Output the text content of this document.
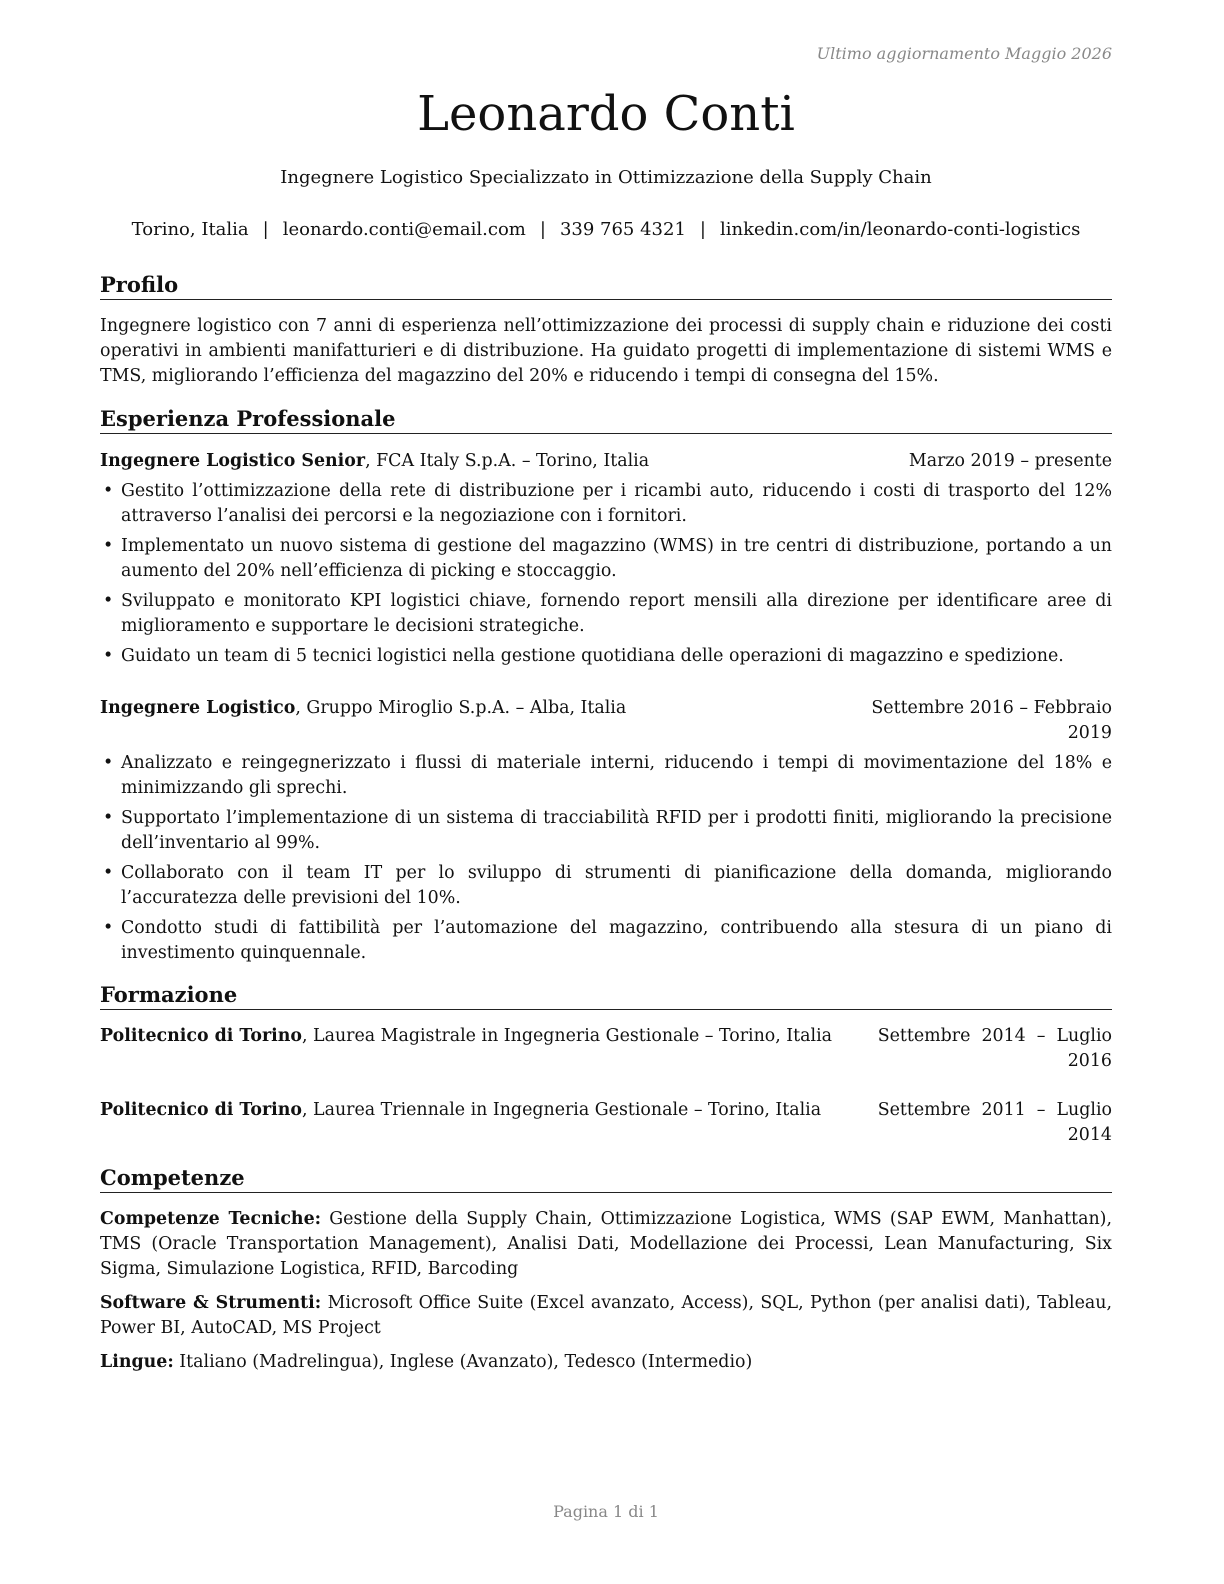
Ultimo aggiornamento Maggio 2026
Leonardo Conti
Ingegnere Logistico Specializzato in Ottimizzazione della Supply Chain
Torino, Italia | leonardo.conti@email.com | 339 765 4321 | linkedin.com/in/leonardo-conti-logistics
Profilo
Ingegnere logistico con 7 anni di esperienza nell’ottimizzazione dei processi di supply chain e riduzione dei costi operativi in ambienti manifatturieri e di distribuzione. Ha guidato progetti di implementazione di sistemi WMS e TMS, migliorando l’efficienza del magazzino del 20% e riducendo i tempi di consegna del 15%.
Esperienza Professionale
Ingegnere Logistico Senior, FCA Italy S.p.A. – Torino, Italia	Marzo 2019 – presente
• Gestito l’ottimizzazione della rete di distribuzione per i ricambi auto, riducendo i costi di trasporto del 12% attraverso l’analisi dei percorsi e la negoziazione con i fornitori.
• Implementato un nuovo sistema di gestione del magazzino (WMS) in tre centri di distribuzione, portando a un aumento del 20% nell’efficienza di picking e stoccaggio.
• Sviluppato e monitorato KPI logistici chiave, fornendo report mensili alla direzione per identificare aree di miglioramento e supportare le decisioni strategiche.
• Guidato un team di 5 tecnici logistici nella gestione quotidiana delle operazioni di magazzino e spedizione.
Ingegnere Logistico, Gruppo Miroglio S.p.A. – Alba, Italia	Settembre 2016 – Febbraio
2019
• Analizzato e reingegnerizzato i flussi di materiale interni, riducendo i tempi di movimentazione del 18% e minimizzando gli sprechi.
• Supportato l’implementazione di un sistema di tracciabilità RFID per i prodotti finiti, migliorando la precisione dell’inventario al 99%.
• Collaborato con il team IT per lo sviluppo di strumenti di pianificazione della domanda, migliorando l’accuratezza delle previsioni del 10%.
• Condotto studi di fattibilità per l’automazione del magazzino, contribuendo alla stesura di un piano di investimento quinquennale.
Formazione
Politecnico di Torino, Laurea Magistrale in Ingegneria Gestionale – Torino, Italia	Settembre  2014  –  Luglio
2016
Politecnico di Torino, Laurea Triennale in Ingegneria Gestionale – Torino, Italia	Settembre  2011  –  Luglio
2014
Competenze
Competenze Tecniche: Gestione della Supply Chain, Ottimizzazione Logistica, WMS (SAP EWM, Manhattan), TMS (Oracle Transportation Management), Analisi Dati, Modellazione dei Processi, Lean Manufacturing, Six Sigma, Simulazione Logistica, RFID, Barcoding
Software & Strumenti: Microsoft Office Suite (Excel avanzato, Access), SQL, Python (per analisi dati), Tableau, Power BI, AutoCAD, MS Project
Lingue: Italiano (Madrelingua), Inglese (Avanzato), Tedesco (Intermedio)
Pagina 1 di 1
